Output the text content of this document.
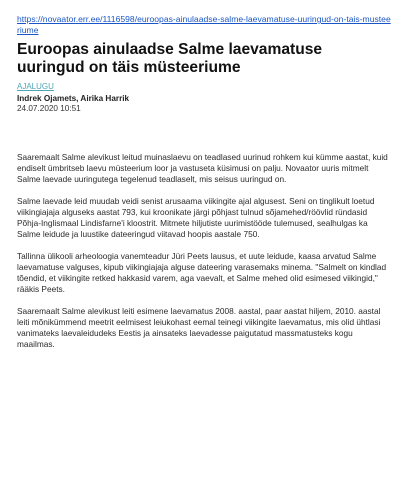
https://novaator.err.ee/1116598/euroopas-ainulaadse-salme-laevamatuse-uuringud-on-tais-musteeriume
Euroopas ainulaadse Salme laevamatuse uuringud on täis müsteeriume
AJALUGU
Indrek Ojamets, Airika Harrik
24.07.2020 10:51

Saaremaalt Salme alevikust leitud muinaslaevu on teadlased uurinud rohkem kui kümme aastat, kuid endiselt ümbritseb laevu müsteerium loor ja vastuseta küsimusi on palju. Novaator uuris mitmelt Salme laevade uuringutega tegelenud teadlaselt, mis seisus uuringud on.

Salme laevade leid muudab veidi senist arusaama viikingite ajal algusest. Seni on tinglikult loetud viikingiajaja alguseks aastat 793, kui kroonikate järgi põhjast tulnud sõjamehed/röövlid ründasid Põhja-Inglismaal Lindisfarne'i kloostrit. Mitmete hiljutiste uurimistööde tulemused, sealhulgas ka Salme leidude ja luustike dateeringud viitavad hoopis aastale 750.

Tallinna ülikooli arheoloogia vanemteadur Jüri Peets lausus, et uute leidude, kaasa arvatud Salme laevamatuse valguses, kipub viikingiajaja alguse dateering varasemaks minema. "Salmelt on kindlad tõendid, et viikingite retked hakkasid varem, aga vaevalt, et Salme mehed olid esimesed viikingid," rääkis Peets.

Saaremaalt Salme alevikust leiti esimene laevamatus 2008. aastal, paar aastat hiljem, 2010. aastal leiti mõnikümmend meetrit eelmisest leiukohast eemal teinegi viikingite laevamatus, mis olid ühtlasi vanimateks laevaleidudeks Eestis ja ainsateks laevadesse paigutatud massmatusteks kogu maailmas.
